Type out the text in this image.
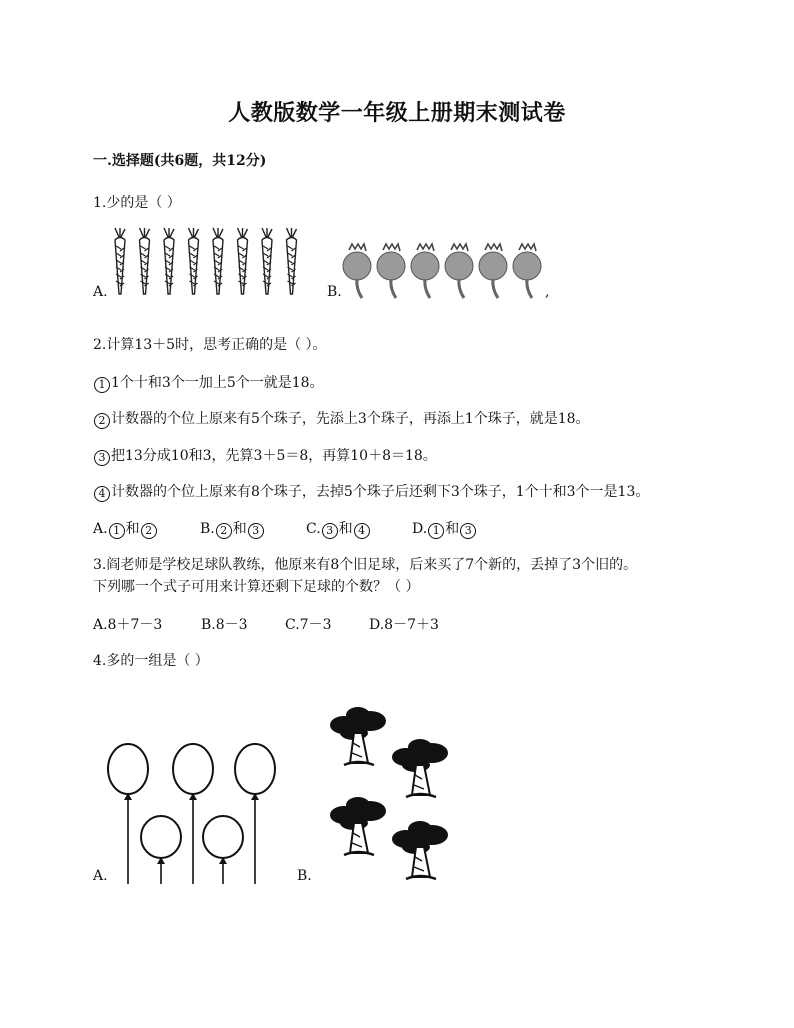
人教版数学一年级上册期末测试卷
一.选择题(共6题，共12分)
1.少的是（ ）
A.	B.	,
2.计算13＋5时，思考正确的是（ ）。
1 1个十和3个一加上5个一就是18。
2 计数器的个位上原来有5个珠子，先添上3个珠子，再添上1个珠子，就是18。
3 把13分成10和3，先算3＋5＝8，再算10＋8＝18。
4 计数器的个位上原来有8个珠子，去掉5个珠子后还剩下3个珠子，1个十和3个一是13。
A. 1 和 2	B. 2 和 3	C. 3 和 4	D. 1 和 3
3.阎老师是学校足球队教练，他原来有8个旧足球，后来买了7个新的，丢掉了3个旧的。
下列哪一个式子可用来计算还剩下足球的个数？（ ）
A.8＋7－3	B.8－3	C.7－3	D.8－7＋3
4.多的一组是（ ）
A.	B.
